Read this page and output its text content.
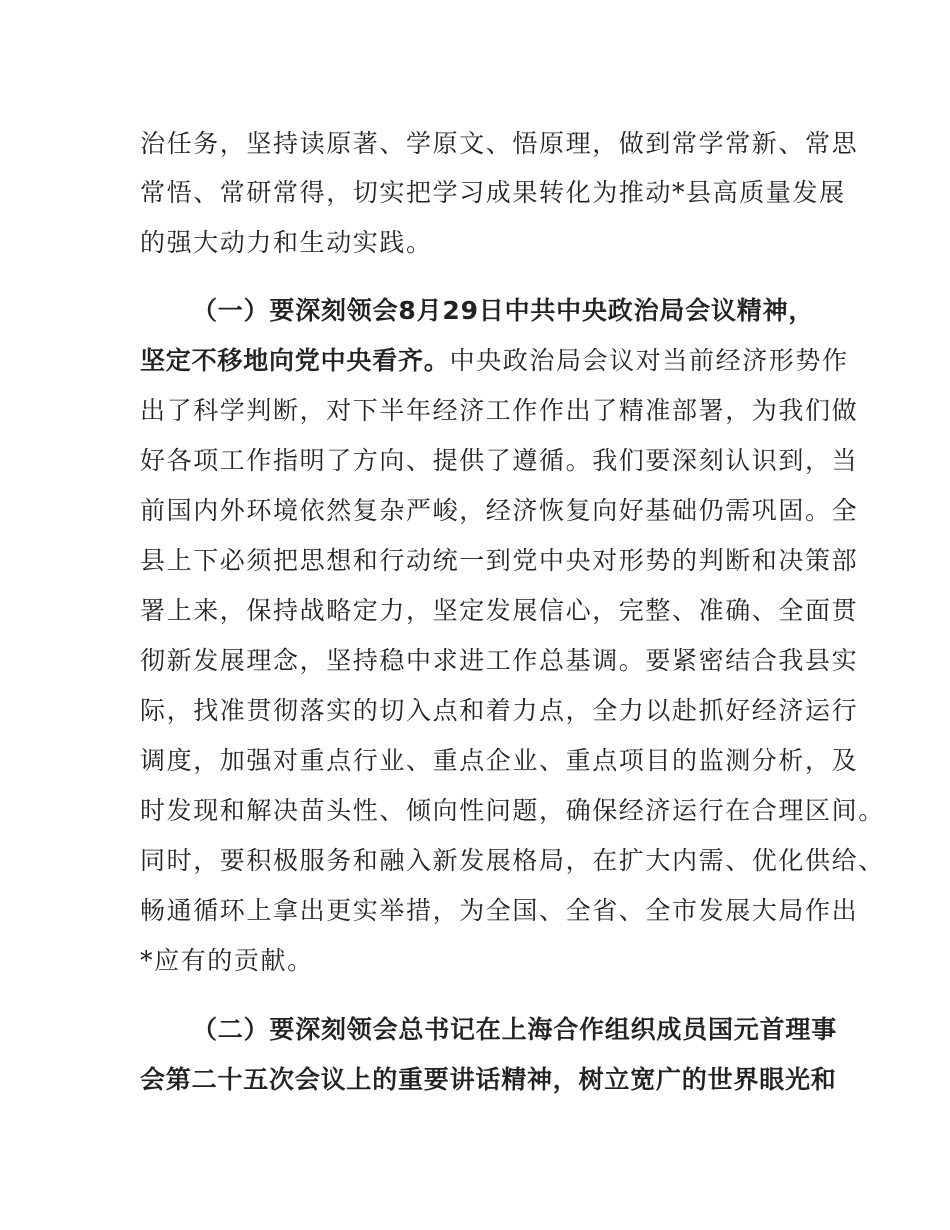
治任务，坚持读原著、学原文、悟原理，做到常学常新、常思

常悟、常研常得，切实把学习成果转化为推动*县高质量发展

的强大动力和生动实践。

（一）要深刻领会8月29日中共中央政治局会议精神，

坚定不移地向党中央看齐。中央政治局会议对当前经济形势作

出了科学判断，对下半年经济工作作出了精准部署，为我们做

好各项工作指明了方向、提供了遵循。我们要深刻认识到，当

前国内外环境依然复杂严峻，经济恢复向好基础仍需巩固。全

县上下必须把思想和行动统一到党中央对形势的判断和决策部

署上来，保持战略定力，坚定发展信心，完整、准确、全面贯

彻新发展理念，坚持稳中求进工作总基调。要紧密结合我县实

际，找准贯彻落实的切入点和着力点，全力以赴抓好经济运行

调度，加强对重点行业、重点企业、重点项目的监测分析，及

时发现和解决苗头性、倾向性问题，确保经济运行在合理区间。

同时，要积极服务和融入新发展格局，在扩大内需、优化供给、

畅通循环上拿出更实举措，为全国、全省、全市发展大局作出

*应有的贡献。

（二）要深刻领会总书记在上海合作组织成员国元首理事

会第二十五次会议上的重要讲话精神，树立宽广的世界眼光和
